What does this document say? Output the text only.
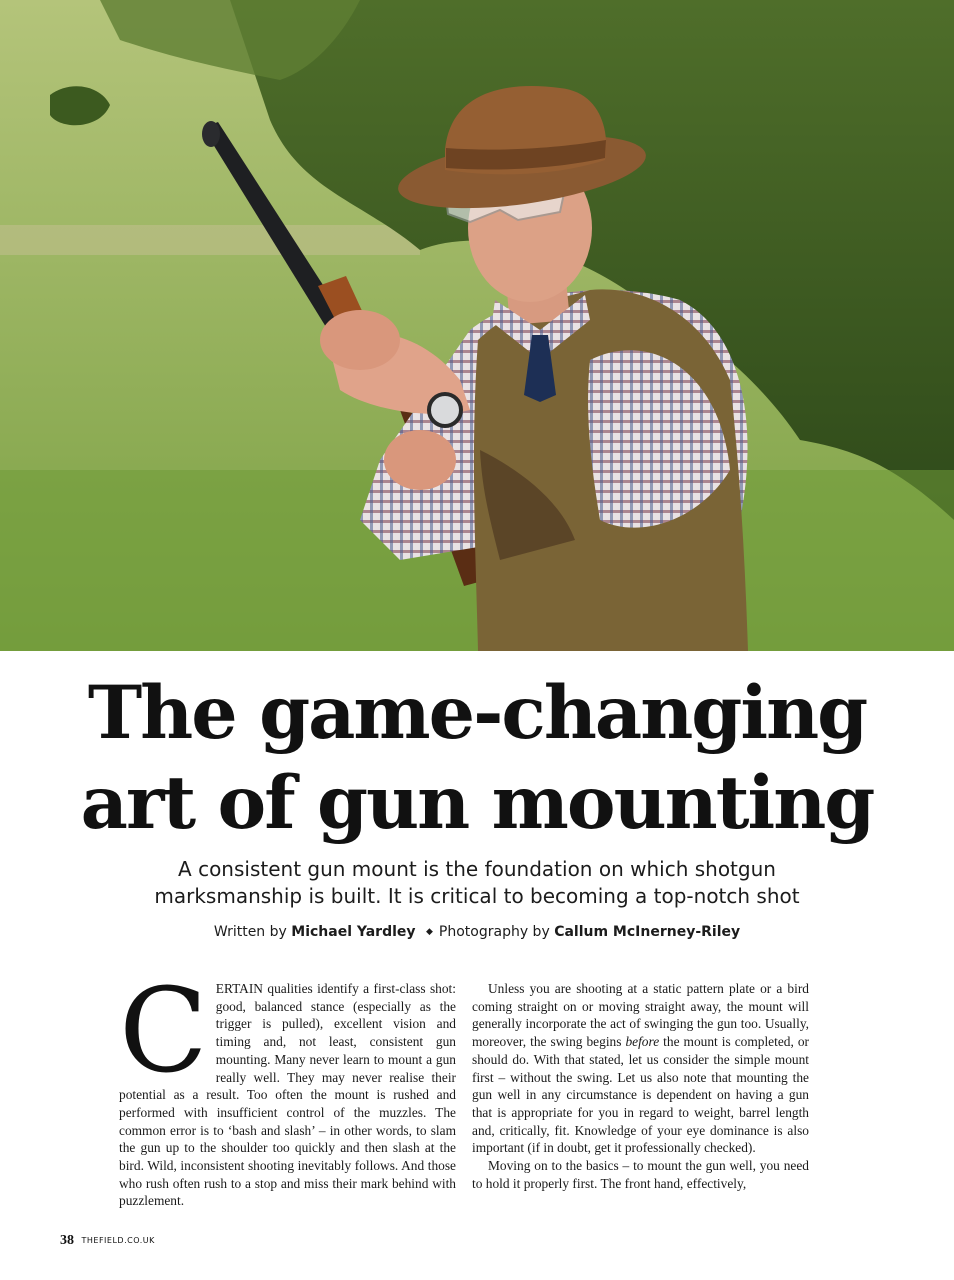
The game-changing
art of gun mounting

A consistent gun mount is the foundation on which shotgun
marksmanship is built. It is critical to becoming a top-notch shot

Written by Michael Yardley ◆ Photography by Callum McInerney-Riley

CERTAIN qualities identify a first-class shot: good, balanced stance (especially as the trigger is pulled), excellent vision and timing and, not least, consistent gun mounting. Many never learn to mount a gun really well. They may never realise their potential as a result. Too often the mount is rushed and performed with insufficient control of the muzzles. The common error is to ‘bash and slash’ – in other words, to slam the gun up to the shoulder too quickly and then slash at the bird. Wild, inconsistent shooting inevitably follows. And those who rush often rush to a stop and miss their mark behind with puzzlement.

Unless you are shooting at a static pattern plate or a bird coming straight on or moving straight away, the mount will generally incorporate the act of swinging the gun too. Usually, moreover, the swing begins before the mount is completed, or should do. With that stated, let us consider the simple mount first – without the swing. Let us also note that mounting the gun well in any circumstance is dependent on having a gun that is appropriate for you in regard to weight, barrel length and, critically, fit. Knowledge of your eye dominance is also important (if in doubt, get it professionally checked).

Moving on to the basics – to mount the gun well, you need to hold it properly first. The front hand, effectively,

38 THEFIELD.CO.UK
